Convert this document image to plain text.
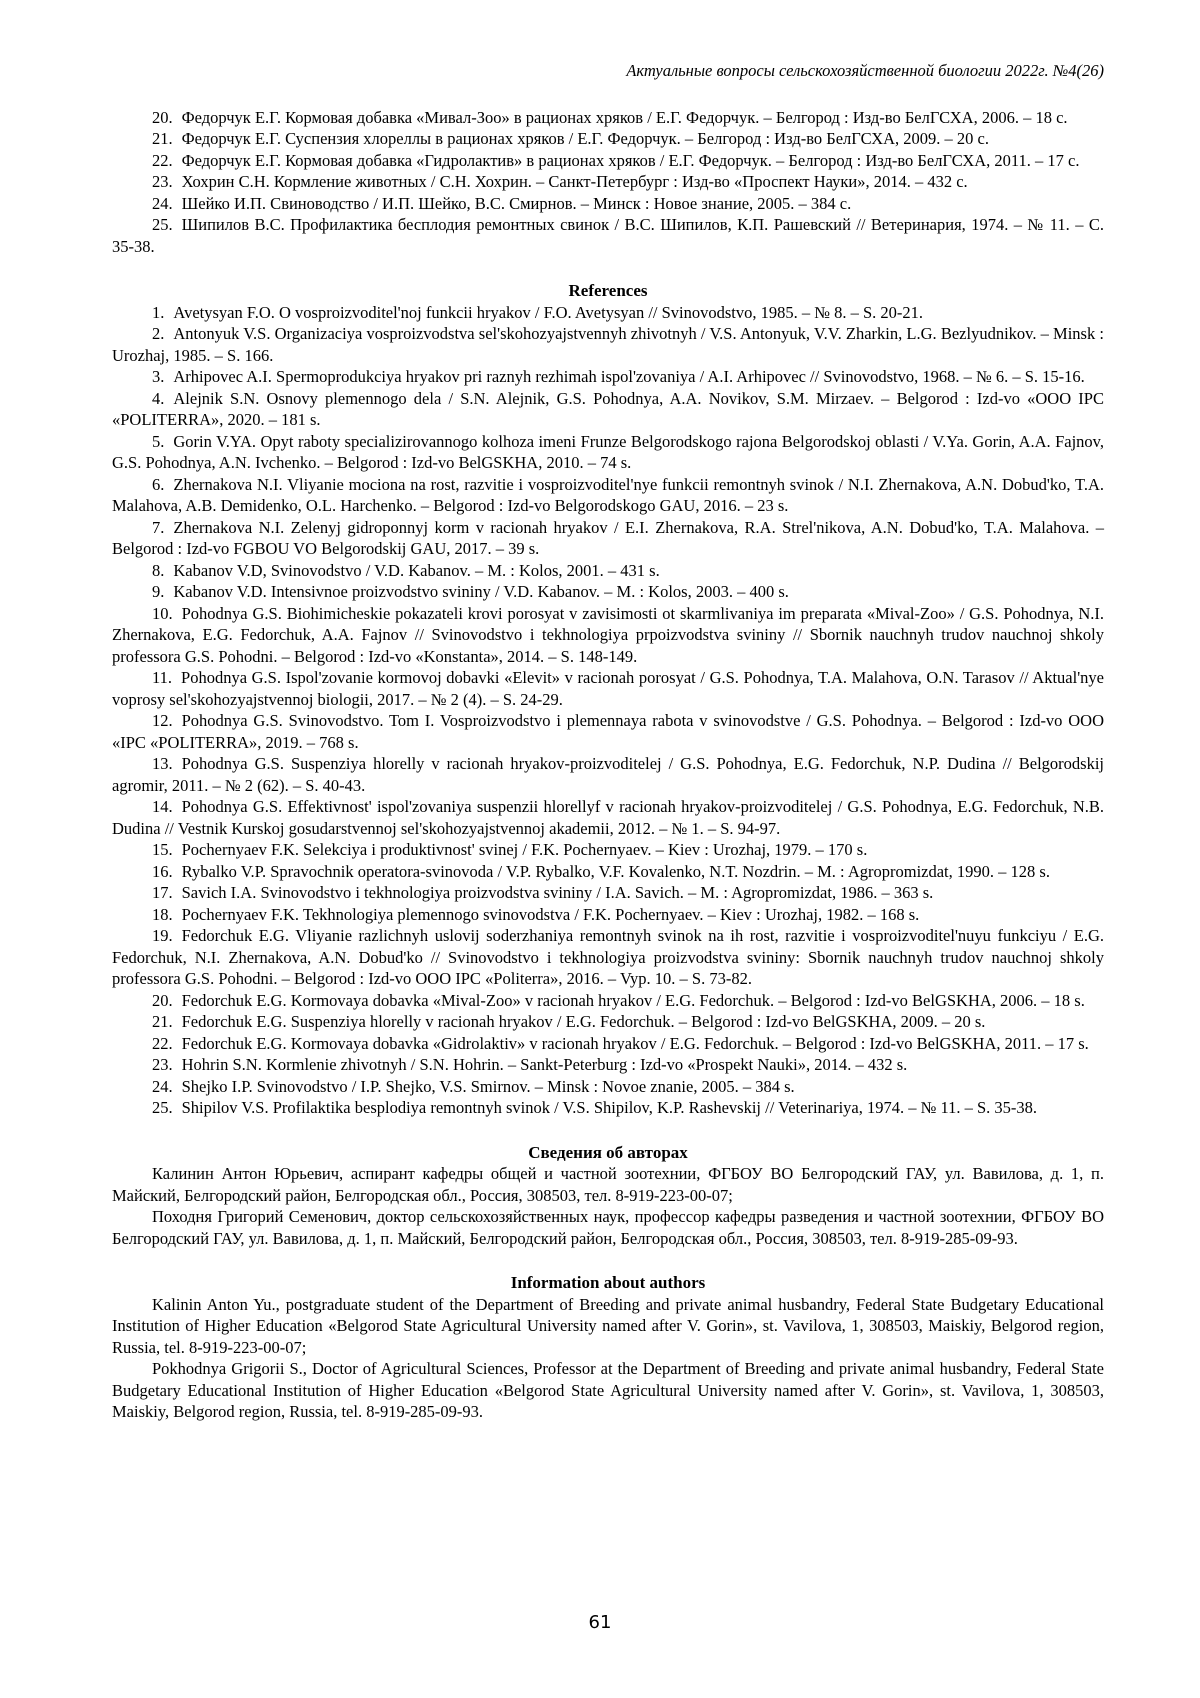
Актуальные вопросы сельскохозяйственной биологии 2022г. №4(26)

20. Федорчук Е.Г. Кормовая добавка «Мивал-Зоо» в рационах хряков / Е.Г. Федорчук. – Белгород : Изд-во БелГСХА, 2006. – 18 с.

21. Федорчук Е.Г. Суспензия хлореллы в рационах хряков / Е.Г. Федорчук. – Белгород : Изд-во БелГСХА, 2009. – 20 с.

22. Федорчук Е.Г. Кормовая добавка «Гидролактив» в рационах хряков / Е.Г. Федорчук. – Белгород : Изд-во БелГСХА, 2011. – 17 с.

23. Хохрин С.Н. Кормление животных / С.Н. Хохрин. – Санкт-Петербург : Изд-во «Проспект Науки», 2014. – 432 с.

24. Шейко И.П. Свиноводство / И.П. Шейко, В.С. Смирнов. – Минск : Новое знание, 2005. – 384 с.

25. Шипилов В.С. Профилактика бесплодия ремонтных свинок / В.С. Шипилов, К.П. Рашевский // Ветеринария, 1974. – № 11. – С. 35-38.

References

1. Avetysyan F.O. O vosproizvoditel'noj funkcii hryakov / F.O. Avetysyan // Svinovodstvo, 1985. – № 8. – S. 20-21.

2. Antonyuk V.S. Organizaciya vosproizvodstva sel'skohozyajstvennyh zhivotnyh / V.S. Antonyuk, V.V. Zharkin, L.G. Bezlyudnikov. – Minsk : Urozhaj, 1985. – S. 166.

3. Arhipovec A.I. Spermoprodukciya hryakov pri raznyh rezhimah ispol'zovaniya / A.I. Arhipovec // Svinovodstvo, 1968. – № 6. – S. 15-16.

4. Alejnik S.N. Osnovy plemennogo dela / S.N. Alejnik, G.S. Pohodnya, A.A. Novikov, S.M. Mirzaev. – Belgorod : Izd-vo «OOO IPC «POLITERRA», 2020. – 181 s.

5. Gorin V.YA. Opyt raboty specializirovannogo kolhoza imeni Frunze Belgorodskogo rajona Belgorodskoj oblasti / V.Ya. Gorin, A.A. Fajnov, G.S. Pohodnya, A.N. Ivchenko. – Belgorod : Izd-vo BelGSKHA, 2010. – 74 s.

6. Zhernakova N.I. Vliyanie mociona na rost, razvitie i vosproizvoditel'nye funkcii remontnyh svinok / N.I. Zhernakova, A.N. Dobud'ko, T.A. Malahova, A.B. Demidenko, O.L. Harchenko. – Belgorod : Izd-vo Belgorodskogo GAU, 2016. – 23 s.

7. Zhernakova N.I. Zelenyj gidroponnyj korm v racionah hryakov / E.I. Zhernakova, R.A. Strel'nikova, A.N. Dobud'ko, T.A. Malahova. – Belgorod : Izd-vo FGBOU VO Belgorodskij GAU, 2017. – 39 s.

8. Kabanov V.D, Svinovodstvo / V.D. Kabanov. – M. : Kolos, 2001. – 431 s.

9. Kabanov V.D. Intensivnoe proizvodstvo svininy / V.D. Kabanov. – M. : Kolos, 2003. – 400 s.

10. Pohodnya G.S. Biohimicheskie pokazateli krovi porosyat v zavisimosti ot skarmlivaniya im preparata «Mival-Zoo» / G.S. Pohodnya, N.I. Zhernakova, E.G. Fedorchuk, A.A. Fajnov // Svinovodstvo i tekhnologiya prpoizvodstva svininy // Sbornik nauchnyh trudov nauchnoj shkoly professora G.S. Pohodni. – Belgorod : Izd-vo «Konstanta», 2014. – S. 148-149.

11. Pohodnya G.S. Ispol'zovanie kormovoj dobavki «Elevit» v racionah porosyat / G.S. Pohodnya, T.A. Malahova, O.N. Tarasov // Aktual'nye voprosy sel'skohozyajstvennoj biologii, 2017. – № 2 (4). – S. 24-29.

12. Pohodnya G.S. Svinovodstvo. Tom I. Vosproizvodstvo i plemennaya rabota v svinovodstve / G.S. Pohodnya. – Belgorod : Izd-vo OOO «IPC «POLITERRA», 2019. – 768 s.

13. Pohodnya G.S. Suspenziya hlorelly v racionah hryakov-proizvoditelej / G.S. Pohodnya, E.G. Fedorchuk, N.P. Dudina // Belgorodskij agromir, 2011. – № 2 (62). – S. 40-43.

14. Pohodnya G.S. Effektivnost' ispol'zovaniya suspenzii hlorellyf v racionah hryakov-proizvoditelej / G.S. Pohodnya, E.G. Fedorchuk, N.B. Dudina // Vestnik Kurskoj gosudarstvennoj sel'skohozyajstvennoj akademii, 2012. – № 1. – S. 94-97.

15. Pochernyaev F.K. Selekciya i produktivnost' svinej / F.K. Pochernyaev. – Kiev : Urozhaj, 1979. – 170 s.

16. Rybalko V.P. Spravochnik operatora-svinovoda / V.P. Rybalko, V.F. Kovalenko, N.T. Nozdrin. – M. : Agropromizdat, 1990. – 128 s.

17. Savich I.A. Svinovodstvo i tekhnologiya proizvodstva svininy / I.A. Savich. – M. : Agropromizdat, 1986. – 363 s.

18. Pochernyaev F.K. Tekhnologiya plemennogo svinovodstva / F.K. Pochernyaev. – Kiev : Urozhaj, 1982. – 168 s.

19. Fedorchuk E.G. Vliyanie razlichnyh uslovij soderzhaniya remontnyh svinok na ih rost, razvitie i vosproizvoditel'nuyu funkciyu / E.G. Fedorchuk, N.I. Zhernakova, A.N. Dobud'ko // Svinovodstvo i tekhnologiya proizvodstva svininy: Sbornik nauchnyh trudov nauchnoj shkoly professora G.S. Pohodni. – Belgorod : Izd-vo OOO IPC «Politerra», 2016. – Vyp. 10. – S. 73-82.

20. Fedorchuk E.G. Kormovaya dobavka «Mival-Zoo» v racionah hryakov / E.G. Fedorchuk. – Belgorod : Izd-vo BelGSKHA, 2006. – 18 s.

21. Fedorchuk E.G. Suspenziya hlorelly v racionah hryakov / E.G. Fedorchuk. – Belgorod : Izd-vo BelGSKHA, 2009. – 20 s.

22. Fedorchuk E.G. Kormovaya dobavka «Gidrolaktiv» v racionah hryakov / E.G. Fedorchuk. – Belgorod : Izd-vo BelGSKHA, 2011. – 17 s.

23. Hohrin S.N. Kormlenie zhivotnyh / S.N. Hohrin. – Sankt-Peterburg : Izd-vo «Prospekt Nauki», 2014. – 432 s.

24. Shejko I.P. Svinovodstvo / I.P. Shejko, V.S. Smirnov. – Minsk : Novoe znanie, 2005. – 384 s.

25. Shipilov V.S. Profilaktika besplodiya remontnyh svinok / V.S. Shipilov, K.P. Rashevskij // Veterinariya, 1974. – № 11. – S. 35-38.

Сведения об авторах

Калинин Антон Юрьевич, аспирант кафедры общей и частной зоотехнии, ФГБОУ ВО Белгородский ГАУ, ул. Вавилова, д. 1, п. Майский, Белгородский район, Белгородская обл., Россия, 308503, тел. 8-919-223-00-07;

Походня Григорий Семенович, доктор сельскохозяйственных наук, профессор кафедры разведения и частной зоотехнии, ФГБОУ ВО Белгородский ГАУ, ул. Вавилова, д. 1, п. Майский, Белгородский район, Белгородская обл., Россия, 308503, тел. 8-919-285-09-93.

Information about authors

Kalinin Anton Yu., postgraduate student of the Department of Breeding and private animal husbandry, Federal State Budgetary Educational Institution of Higher Education «Belgorod State Agricultural University named after V. Gorin», st. Vavilova, 1, 308503, Maiskiy, Belgorod region, Russia, tel. 8-919-223-00-07;

Pokhodnya Grigorii S., Doctor of Agricultural Sciences, Professor at the Department of Breeding and private animal husbandry, Federal State Budgetary Educational Institution of Higher Education «Belgorod State Agricultural University named after V. Gorin», st. Vavilova, 1, 308503, Maiskiy, Belgorod region, Russia, tel. 8-919-285-09-93.

61
